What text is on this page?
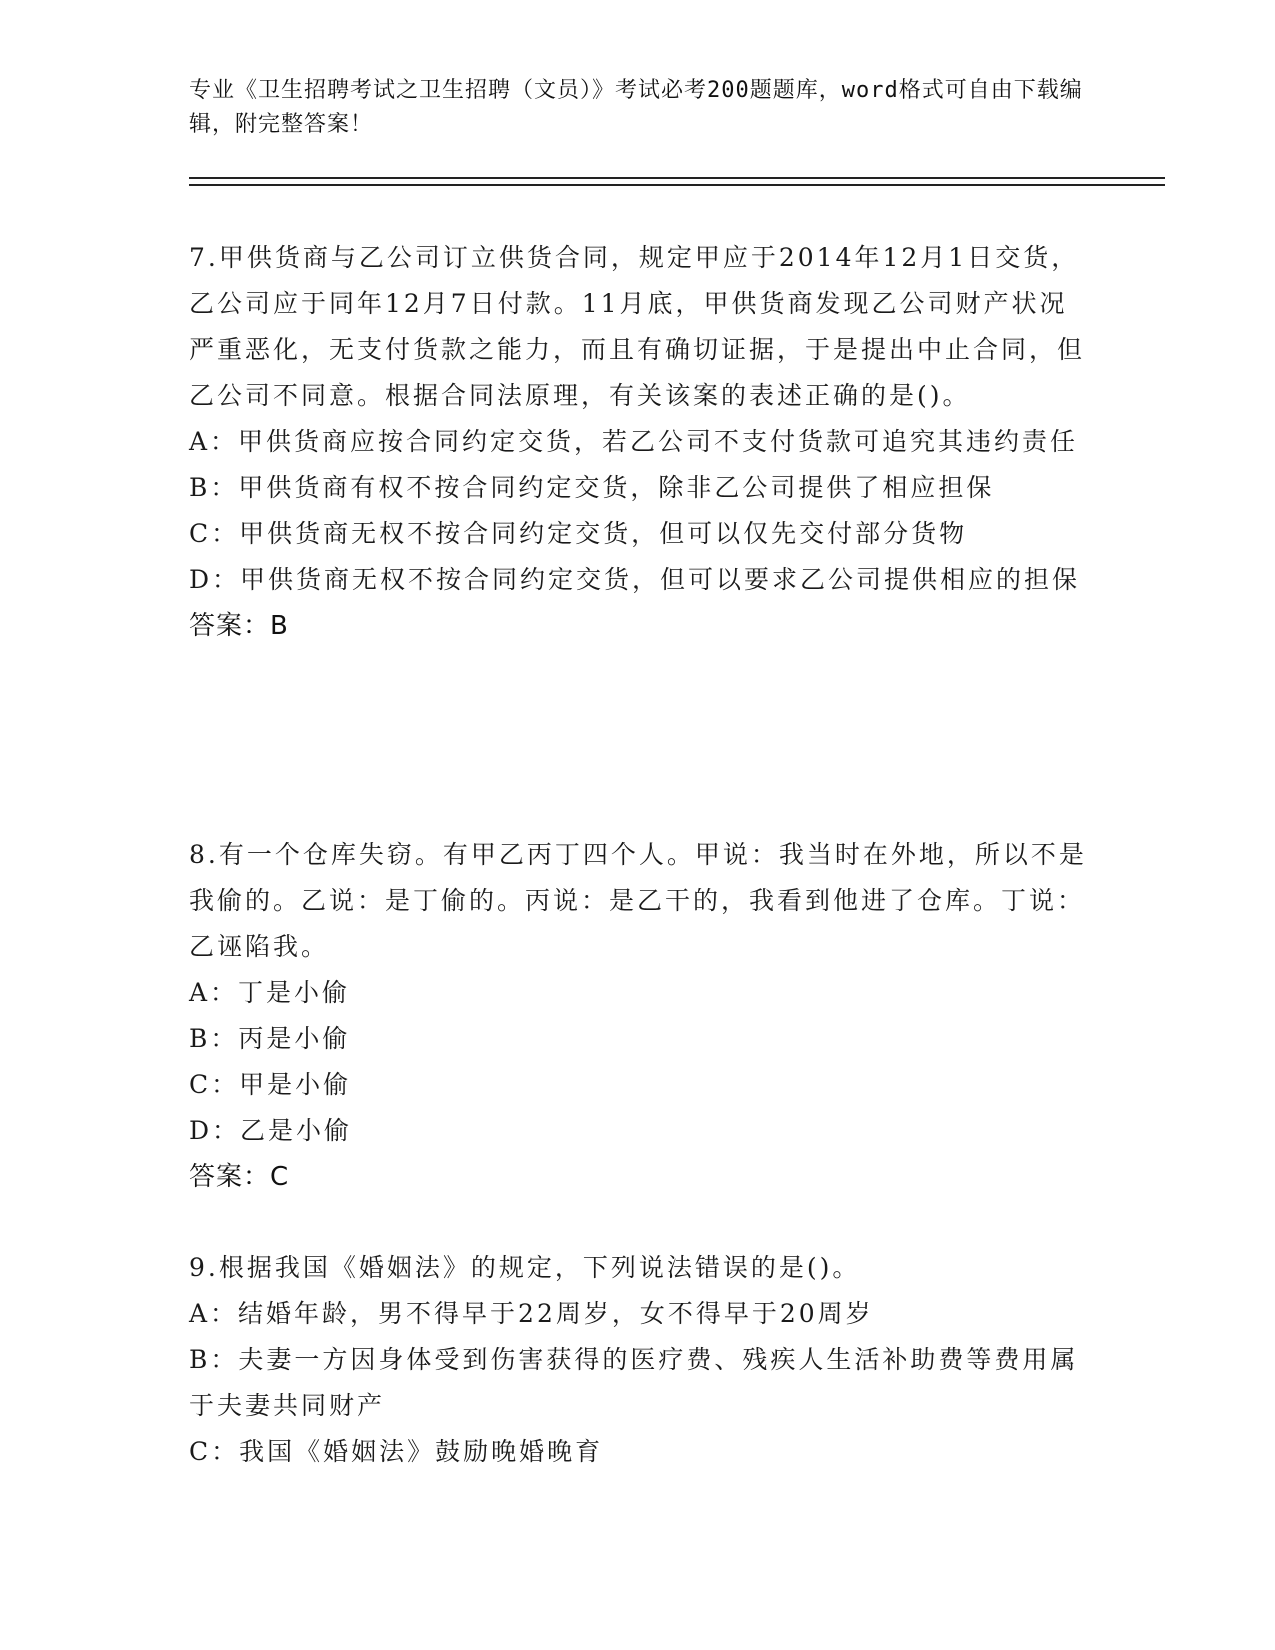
专业《卫生招聘考试之卫生招聘（文员）》考试必考200题题库，word格式可自由下载编辑，附完整答案！

7.甲供货商与乙公司订立供货合同，规定甲应于2014年12月1日交货，乙公司应于同年12月7日付款。11月底，甲供货商发现乙公司财产状况严重恶化，无支付货款之能力，而且有确切证据，于是提出中止合同，但乙公司不同意。根据合同法原理，有关该案的表述正确的是()。

A：甲供货商应按合同约定交货，若乙公司不支付货款可追究其违约责任

B：甲供货商有权不按合同约定交货，除非乙公司提供了相应担保

C：甲供货商无权不按合同约定交货，但可以仅先交付部分货物

D：甲供货商无权不按合同约定交货，但可以要求乙公司提供相应的担保

答案：B

8.有一个仓库失窃。有甲乙丙丁四个人。甲说：我当时在外地，所以不是我偷的。乙说：是丁偷的。丙说：是乙干的，我看到他进了仓库。丁说：乙诬陷我。

A：丁是小偷

B：丙是小偷

C：甲是小偷

D：乙是小偷

答案：C

9.根据我国《婚姻法》的规定，下列说法错误的是()。

A：结婚年龄，男不得早于22周岁，女不得早于20周岁

B：夫妻一方因身体受到伤害获得的医疗费、残疾人生活补助费等费用属于夫妻共同财产

C：我国《婚姻法》鼓励晚婚晚育
